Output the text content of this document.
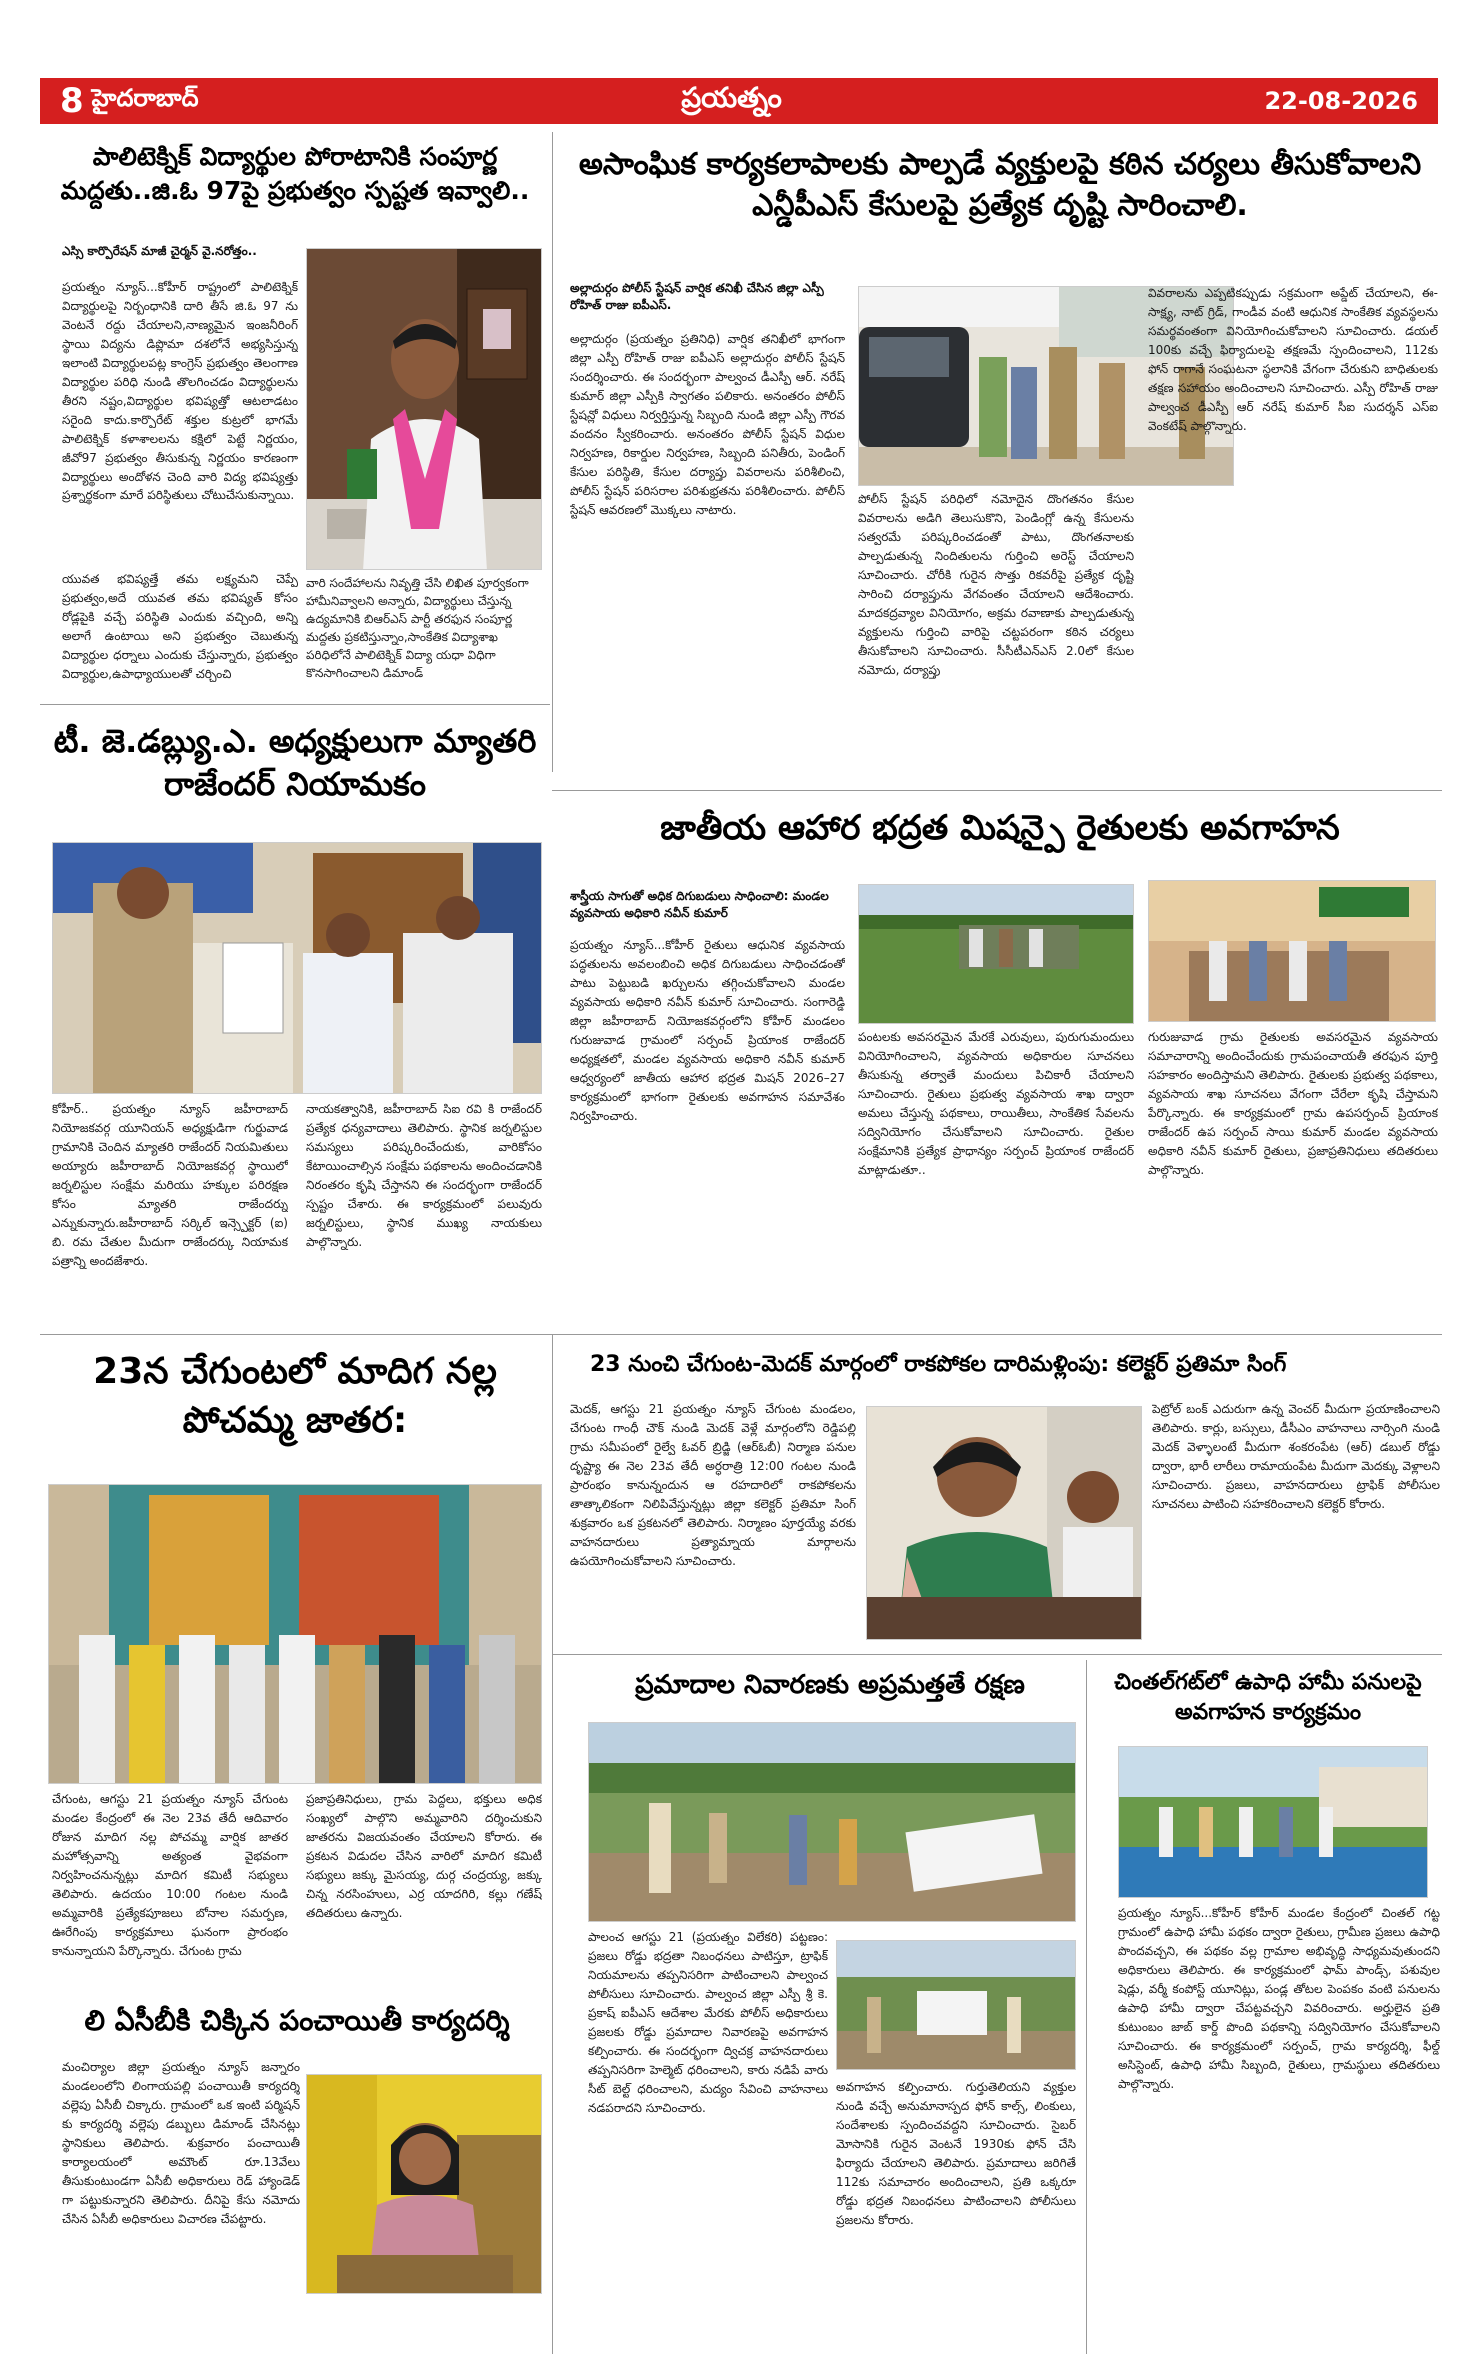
8 హైదరాబాద్	ప్రయత్నం	22-08-2026
పాలిటెక్నిక్ విద్యార్థుల పోరాటానికి సంపూర్ణ మద్దతు..జి.ఓ 97పై ప్రభుత్వం స్పష్టత ఇవ్వాలి..
ఎస్సి కార్పొరేషన్ మాజీ చైర్మన్ వై.నరోత్తం..
ప్రయత్నం న్యూస్...కోహీర్ రాష్ట్రంలో పాలిటెక్నిక్ విద్యార్థులపై నిర్బంధానికి దారి తీసే జి.ఓ 97 ను వెంటనే రద్దు చేయాలని,నాణ్యమైన ఇంజనీరింగ్ స్థాయి విద్యను డిప్లొమా దశలోనే అభ్యసిస్తున్న ఇలాంటి విద్యార్థులపట్ల కాంగ్రెస్ ప్రభుత్వం తెలంగాణ విద్యార్థుల పరిధి నుండి తొలగించడం విద్యార్థులను తీరని నష్టం,విద్యార్థుల భవిష్యత్తో ఆటలాడటం సరైంది కాదు.కార్పొరేట్ శక్తుల కుట్రలో భాగమే పాలిటెక్నిక్ కళాశాలలను కక్షిలో పెట్టే నిర్ణయం, జీవో97 ప్రభుత్వం తీసుకున్న నిర్ణయం కారణంగా విద్యార్థులు అందోళన చెంది వారి విద్య భవిష్యత్తు ప్రశ్నార్థకంగా మారే పరిస్థితులు చోటుచేసుకున్నాయి.
యువత భవిష్యత్తే తమ లక్ష్యమని చెప్పే ప్రభుత్వం,అదే యువత తమ భవిష్యత్ కోసం రోడ్లపైకి వచ్చే పరిస్థితి ఎందుకు వచ్చింది, అన్ని అలాగే ఉంటాయి అని ప్రభుత్వం చెబుతున్న విద్యార్థుల ధర్నాలు ఎందుకు చేస్తున్నారు, ప్రభుత్వం విద్యార్థుల,ఉపాధ్యాయులతో చర్చించి
వారి సందేహాలను నివృత్తి చేసి లిఖిత పూర్వకంగా హామీనివ్వాలని అన్నారు, విద్యార్థులు చేస్తున్న ఉద్యమానికి బిఆర్ఎస్ పార్టీ తరఫున సంపూర్ణ మద్దతు ప్రకటిస్తున్నాం,సాంకేతిక విద్యాశాఖ పరిధిలోనే పాలిటెక్నిక్ విద్యా యధా విధిగా కొనసాగించాలని డిమాండ్
అసాంఘిక కార్యకలాపాలకు పాల్పడే వ్యక్తులపై కఠిన చర్యలు తీసుకోవాలని ఎన్డీపీఎస్ కేసులపై ప్రత్యేక దృష్టి సారించాలి.
అల్లాదుర్గం పోలీస్ స్టేషన్ వార్షిక తనిఖీ చేసిన జిల్లా ఎస్పీ రోహిత్ రాజు ఐపీఎస్.
అల్లాదుర్గం (ప్రయత్నం ప్రతినిధి) వార్షిక తనిఖీలో భాగంగా జిల్లా ఎస్పీ రోహిత్ రాజు ఐపీఎస్ అల్లాదుర్గం పోలీస్ స్టేషన్ సందర్శించారు. ఈ సందర్భంగా పాల్వంచ డీఎస్పీ ఆర్. నరేష్ కుమార్ జిల్లా ఎస్పీకి స్వాగతం పలికారు. అనంతరం పోలీస్ స్టేషన్లో విధులు నిర్వర్తిస్తున్న సిబ్బంది నుండి జిల్లా ఎస్పీ గౌరవ వందనం స్వీకరించారు. అనంతరం పోలీస్ స్టేషన్ విధుల నిర్వహణ, రికార్డుల నిర్వహణ, సిబ్బంది పనితీరు, పెండింగ్ కేసుల పరిస్థితి, కేసుల దర్యాప్తు వివరాలను పరిశీలించి, పోలీస్ స్టేషన్ పరిసరాల పరిశుభ్రతను పరిశీలించారు. పోలీస్ స్టేషన్ ఆవరణలో మొక్కలు నాటారు.
పోలీస్ స్టేషన్ పరిధిలో నమోదైన దొంగతనం కేసుల వివరాలను అడిగి తెలుసుకొని, పెండింగ్లో ఉన్న కేసులను సత్వరమే పరిష్కరించడంతో పాటు, దొంగతనాలకు పాల్పడుతున్న నిందితులను గుర్తించి అరెస్ట్ చేయాలని సూచించారు. చోరీకి గురైన సొత్తు రికవరీపై ప్రత్యేక దృష్టి సారించి దర్యాప్తును వేగవంతం చేయాలని ఆదేశించారు. మాదకద్రవ్యాల వినియోగం, అక్రమ రవాణాకు పాల్పడుతున్న వ్యక్తులను గుర్తించి వారిపై చట్టపరంగా కఠిన చర్యలు తీసుకోవాలని సూచించారు. సీసీటీఎన్ఎస్ 2.0లో కేసుల నమోదు, దర్యాప్తు
వివరాలను ఎప్పటికప్పుడు సక్రమంగా అప్డేట్ చేయాలని, ఈ-సాక్ష్య, నాట్ గ్రిడ్, గాండీవ వంటి ఆధునిక సాంకేతిక వ్యవస్థలను సమర్థవంతంగా వినియోగించుకోవాలని సూచించారు. డయల్ 100కు వచ్చే ఫిర్యాదులపై తక్షణమే స్పందించాలని, 112కు ఫోన్ రాగానే సంఘటనా స్థలానికి వేగంగా చేరుకుని బాధితులకు తక్షణ సహాయం అందించాలని సూచించారు. ఎస్పీ రోహిత్ రాజు పాల్వంచ డీఎస్పీ ఆర్ నరేష్ కుమార్ సీఐ సుదర్శన్ ఎస్ఐ వెంకటేష్ పాల్గొన్నారు.
టీ. జె.డబ్ల్యు.ఎ. అధ్యక్షులుగా మ్యాతరి రాజేందర్ నియామకం
కోహీర్.. ప్రయత్నం న్యూస్ జహీరాబాద్ నియోజకవర్గ యూనియన్ అధ్యక్షుడిగా గుర్జువాడ గ్రామానికి చెందిన మ్యాతరి రాజేందర్ నియమితులు అయ్యారు జహీరాబాద్ నియోజకవర్గ స్థాయిలో జర్నలిస్టుల సంక్షేమ మరియు హక్కుల పరిరక్షణ కోసం మ్యాతరి రాజేందర్ను ఎన్నుకున్నారు.జహీరాబాద్ సర్కిల్ ఇన్స్పెక్టర్ (ఐ) బి. రమ చేతుల మీదుగా రాజేందర్కు నియామక పత్రాన్ని అందజేశారు.
నాయకత్వానికి, జహీరాబాద్ సిఐ రవి కి రాజేందర్ ప్రత్యేక ధన్యవాదాలు తెలిపారు. స్థానిక జర్నలిస్టుల సమస్యలు పరిష్కరించేందుకు, వారికోసం కేటాయించాల్సిన సంక్షేమ పథకాలను అందించడానికి నిరంతరం కృషి చేస్తానని ఈ సందర్భంగా రాజేందర్ స్పష్టం చేశారు. ఈ కార్యక్రమంలో పలువురు జర్నలిస్టులు, స్థానిక ముఖ్య నాయకులు పాల్గొన్నారు.
జాతీయ ఆహార భద్రత మిషన్పై రైతులకు అవగాహన
శాస్త్రీయ సాగుతో అధిక దిగుబడులు సాధించాలి: మండల వ్యవసాయ అధికారి నవీన్ కుమార్
ప్రయత్నం న్యూస్...కోహీర్ రైతులు ఆధునిక వ్యవసాయ పద్ధతులను అవలంబించి అధిక దిగుబడులు సాధించడంతో పాటు పెట్టుబడి ఖర్చులను తగ్గించుకోవాలని మండల వ్యవసాయ అధికారి నవీన్ కుమార్ సూచించారు. సంగారెడ్డి జిల్లా జహీరాబాద్ నియోజకవర్గంలోని కోహీర్ మండలం గురుజువాడ గ్రామంలో సర్పంచ్ ప్రియాంక రాజేందర్ అధ్యక్షతలో, మండల వ్యవసాయ అధికారి నవీన్ కుమార్ ఆధ్వర్యంలో జాతీయ ఆహార భద్రత మిషన్ 2026–27 కార్యక్రమంలో భాగంగా రైతులకు అవగాహన సమావేశం నిర్వహించారు.
పంటలకు అవసరమైన మేరకే ఎరువులు, పురుగుమందులు వినియోగించాలని, వ్యవసాయ అధికారుల సూచనలు తీసుకున్న తర్వాతే మందులు పిచికారీ చేయాలని సూచించారు. రైతులు ప్రభుత్వ వ్యవసాయ శాఖ ద్వారా అమలు చేస్తున్న పథకాలు, రాయితీలు, సాంకేతిక సేవలను సద్వినియోగం చేసుకోవాలని సూచించారు. రైతుల సంక్షేమానికి ప్రత్యేక ప్రాధాన్యం సర్పంచ్ ప్రియాంక రాజేందర్ మాట్లాడుతూ..
గురుజువాడ గ్రామ రైతులకు అవసరమైన వ్యవసాయ సమాచారాన్ని అందించేందుకు గ్రామపంచాయతీ తరఫున పూర్తి సహకారం అందిస్తామని తెలిపారు. రైతులకు ప్రభుత్వ పథకాలు, వ్యవసాయ శాఖ సూచనలు వేగంగా చేరేలా కృషి చేస్తామని పేర్కొన్నారు. ఈ కార్యక్రమంలో గ్రామ ఉపసర్పంచ్ ప్రియాంక రాజేందర్ ఉప సర్పంచ్ సాయి కుమార్ మండల వ్యవసాయ అధికారి నవీన్ కుమార్ రైతులు, ప్రజాప్రతినిధులు తదితరులు పాల్గొన్నారు.
23న చేగుంటలో మాదిగ నల్ల పోచమ్మ జాతర:
చేగుంట, ఆగస్టు 21 ప్రయత్నం న్యూస్ చేగుంట మండల కేంద్రంలో ఈ నెల 23వ తేదీ ఆదివారం రోజున మాదిగ నల్ల పోచమ్మ వార్షిక జాతర మహోత్సవాన్ని అత్యంత వైభవంగా నిర్వహించనున్నట్లు మాదిగ కమిటీ సభ్యులు తెలిపారు. ఉదయం 10:00 గంటల నుండి అమ్మవారికి ప్రత్యేకపూజలు బోనాల సమర్పణ, ఊరేగింపు కార్యక్రమాలు ఘనంగా ప్రారంభం కానున్నాయని పేర్కొన్నారు. చేగుంట గ్రామ
ప్రజాప్రతినిధులు, గ్రామ పెద్దలు, భక్తులు అధిక సంఖ్యలో పాల్గొని అమ్మవారిని దర్శించుకుని జాతరను విజయవంతం చేయాలని కోరారు. ఈ ప్రకటన విడుదల చేసిన వారిలో మాదిగ కమిటీ సభ్యులు జక్కు మైసయ్య, దుర్గ చంద్రయ్య, జక్కు చిన్న నరసింహులు, ఎర్ర యాదగిరి, కల్లు గణేష్ తదితరులు ఉన్నారు.
23 నుంచి చేగుంట-మెదక్ మార్గంలో రాకపోకల దారిమళ్లింపు: కలెక్టర్ ప్రతిమా సింగ్
మెదక్, ఆగస్టు 21 ప్రయత్నం న్యూస్ చేగుంట మండలం, చేగుంట గాంధీ చౌక్ నుండి మెదక్ వెళ్లే మార్గంలోని రెడ్డిపల్లి గ్రామ సమీపంలో రైల్వే ఓవర్ బ్రిడ్జి (ఆర్ఓబీ) నిర్మాణ పనుల దృష్ట్యా ఈ నెల 23వ తేదీ అర్ధరాత్రి 12:00 గంటల నుండి ప్రారంభం కానున్నందున ఆ రహదారిలో రాకపోకలను తాత్కాలికంగా నిలిపివేస్తున్నట్లు జిల్లా కలెక్టర్ ప్రతిమా సింగ్ శుక్రవారం ఒక ప్రకటనలో తెలిపారు. నిర్మాణం పూర్తయ్యే వరకు వాహనదారులు ప్రత్యామ్నాయ మార్గాలను ఉపయోగించుకోవాలని సూచించారు.
పెట్రోల్ బంక్ ఎదురుగా ఉన్న వెంచర్ మీదుగా ప్రయాణించాలని తెలిపారు. కార్లు, బస్సులు, డీసీఎం వాహనాలు నార్సింగి నుండి మెదక్ వెళ్ళాలంటే మీదుగా శంకరంపేట (ఆర్) డబుల్ రోడ్డు ద్వారా, భారీ లారీలు రామాయంపేట మీదుగా మెదక్కు వెళ్లాలని సూచించారు. ప్రజలు, వాహనదారులు ట్రాఫిక్ పోలీసుల సూచనలు పాటించి సహకరించాలని కలెక్టర్ కోరారు.
ప్రమాదాల నివారణకు అప్రమత్తతే రక్షణ
పాలంచ ఆగస్టు 21 (ప్రయత్నం విలేకరి) పట్టణం: ప్రజలు రోడ్డు భద్రతా నిబంధనలు పాటిస్తూ, ట్రాఫిక్ నియమాలను తప్పనిసరిగా పాటించాలని పాల్వంచ పోలీసులు సూచించారు. పాల్వంచ జిల్లా ఎస్పీ శ్రీ కె. ప్రకాష్ ఐపీఎస్ ఆదేశాల మేరకు పోలీస్ అధికారులు ప్రజలకు రోడ్డు ప్రమాదాల నివారణపై అవగాహన కల్పించారు. ఈ సందర్భంగా ద్విచక్ర వాహనదారులు తప్పనిసరిగా హెల్మెట్ ధరించాలని, కారు నడిపే వారు సీట్ బెల్ట్ ధరించాలని, మద్యం సేవించి వాహనాలు నడపరాదని సూచించారు.
అవగాహన కల్పించారు. గుర్తుతెలియని వ్యక్తుల నుండి వచ్చే అనుమానాస్పద ఫోన్ కాల్స్, లింకులు, సందేశాలకు స్పందించవద్దని సూచించారు. సైబర్ మోసానికి గురైన వెంటనే 1930కు ఫోన్ చేసి ఫిర్యాదు చేయాలని తెలిపారు. ప్రమాదాలు జరిగితే 112కు సమాచారం అందించాలని, ప్రతి ఒక్కరూ రోడ్డు భద్రత నిబంధనలు పాటించాలని పోలీసులు ప్రజలను కోరారు.
చింతల్‌గట్‌లో ఉపాధి హామీ పనులపై అవగాహన కార్యక్రమం
ప్రయత్నం న్యూస్...కోహీర్ కోహీర్ మండల కేంద్రంలో చింతల్ గట్ట గ్రామంలో ఉపాధి హామీ పథకం ద్వారా రైతులు, గ్రామీణ ప్రజలు ఉపాధి పొందవచ్చని, ఈ పథకం వల్ల గ్రామాల అభివృద్ధి సాధ్యమవుతుందని అధికారులు తెలిపారు. ఈ కార్యక్రమంలో ఫామ్ పాండ్స్, పశువుల షెడ్లు, వర్మీ కంపోస్ట్ యూనిట్లు, పండ్ల తోటల పెంపకం వంటి పనులను ఉపాధి హామీ ద్వారా చేపట్టవచ్చని వివరించారు. అర్హులైన ప్రతి కుటుంబం జాబ్ కార్డ్ పొంది పథకాన్ని సద్వినియోగం చేసుకోవాలని సూచించారు. ఈ కార్యక్రమంలో సర్పంచ్, గ్రామ కార్యదర్శి, ఫీల్డ్ అసిస్టెంట్, ఉపాధి హామీ సిబ్బంది, రైతులు, గ్రామస్థులు తదితరులు పాల్గొన్నారు.
లి ఏసీబీకి చిక్కిన పంచాయితీ కార్యదర్శి
మంచిర్యాల జిల్లా ప్రయత్నం న్యూస్ జన్నారం మండలంలోని లింగాయపల్లి పంచాయితీ కార్యదర్శి వల్లెపు ఏసీబీ చిక్కారు. గ్రామంలో ఒక ఇంటి పర్మిషన్ కు కార్యదర్శి వల్లెపు డబ్బులు డిమాండ్ చేసినట్లు స్థానికులు తెలిపారు. శుక్రవారం పంచాయితీ కార్యాలయంలో అమౌంట్ రూ.13వేలు తీసుకుంటుండగా ఏసీబీ అధికారులు రెడ్ హ్యాండెడ్ గా పట్టుకున్నారని తెలిపారు. దీనిపై కేసు నమోదు చేసిన ఏసీబీ అధికారులు విచారణ చేపట్టారు.
